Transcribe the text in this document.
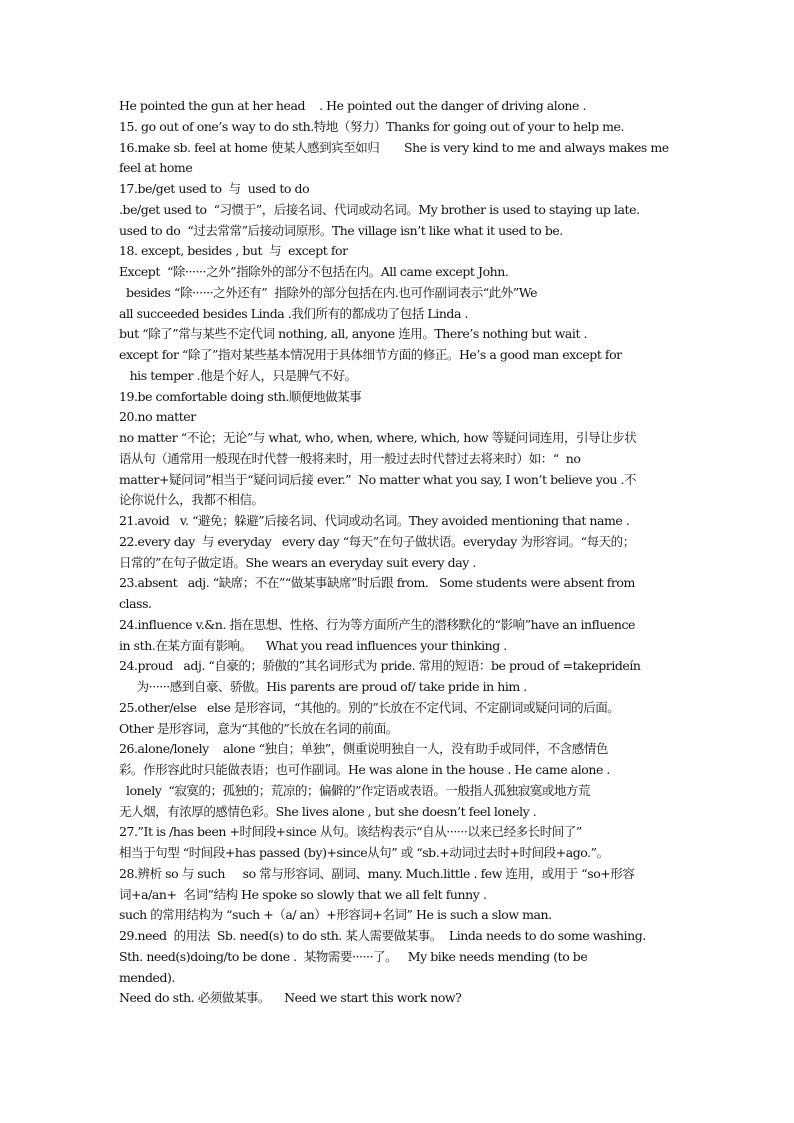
He pointed the gun at her head    . He pointed out the danger of driving alone .
15. go out of one’s way to do sth.特地（努力）Thanks for going out of your to help me.
16.make sb. feel at home 使某人感到宾至如归       She is very kind to me and always makes me
feel at home
17.be/get used to  与  used to do
.be/get used to  “习惯于”，后接名词、代词或动名词。My brother is used to staying up late.
used to do  “过去常常”后接动词原形。The village isn’t like what it used to be.
18. except, besides , but  与  except for
Except  “除······之外”指除外的部分不包括在内。All came except John.
besides “除······之外还有”  指除外的部分包括在内.也可作副词表示“此外”We
all succeeded besides Linda .我们所有的都成功了包括 Linda .
but “除了”常与某些不定代词 nothing, all, anyone 连用。There’s nothing but wait .
except for “除了”指对某些基本情况用于具体细节方面的修正。He’s a good man except for
his temper .他是个好人，只是脾气不好。
19.be comfortable doing sth.顺便地做某事
20.no matter
no matter “不论；无论”与 what, who, when, where, which, how 等疑问词连用，引导让步状
语从句（通常用一般现在时代替一般将来时，用一般过去时代替过去将来时）如：“  no
matter+疑问词”相当于“疑问词后接 ever.”  No matter what you say, I won’t believe you .不
论你说什么，我都不相信。
21.avoid   v. “避免；躲避”后接名词、代词或动名词。They avoided mentioning that name .
22.every day  与 everyday   every day “每天”在句子做状语。everyday 为形容词。“每天的；
日常的”在句子做定语。She wears an everyday suit every day .
23.absent   adj. “缺席；不在”“做某事缺席”时后跟 from.   Some students were absent from
class.
24.influence v.&n. 指在思想、性格、行为等方面所产生的潜移默化的“影响”have an influence
in sth.在某方面有影响。    What you read influences your thinking .
24.proud   adj. “自豪的；骄傲的”其名词形式为 pride. 常用的短语：be proud of =takeprideín
为······感到自豪、骄傲。His parents are proud of/ take pride in him .
25.other/else   else 是形容词，“其他的。别的”长放在不定代词、不定副词或疑问词的后面。
Other 是形容词，意为“其他的”长放在名词的前面。
26.alone/lonely    alone “独自；单独”，侧重说明独自一人，没有助手或同伴，不含感情色
彩。作形容此时只能做表语；也可作副词。He was alone in the house . He came alone .
lonely  “寂寞的；孤独的；荒凉的；偏僻的”作定语或表语。一般指人孤独寂寞或地方荒
无人烟，有浓厚的感情色彩。She lives alone , but she doesn’t feel lonely .
27.”It is /has been +时间段+since 从句。该结构表示“自从······以来已经多长时间了”
相当于句型 “时间段+has passed (by)+since从句” 或 “sb.+动词过去时+时间段+ago.”。
28.辨析 so 与 such     so 常与形容词、副词、many. Much.little . few 连用，或用于 “so+形容
词+a/an+  名词”结构 He spoke so slowly that we all felt funny .
such 的常用结构为 “such +（a/ an）+形容词+名词” He is such a slow man.
29.need  的用法  Sb. need(s) to do sth. 某人需要做某事。  Linda needs to do some washing.
Sth. need(s)doing/to be done .  某物需要······了。   My bike needs mending (to be
mended).
Need do sth. 必须做某事。    Need we start this work now?
